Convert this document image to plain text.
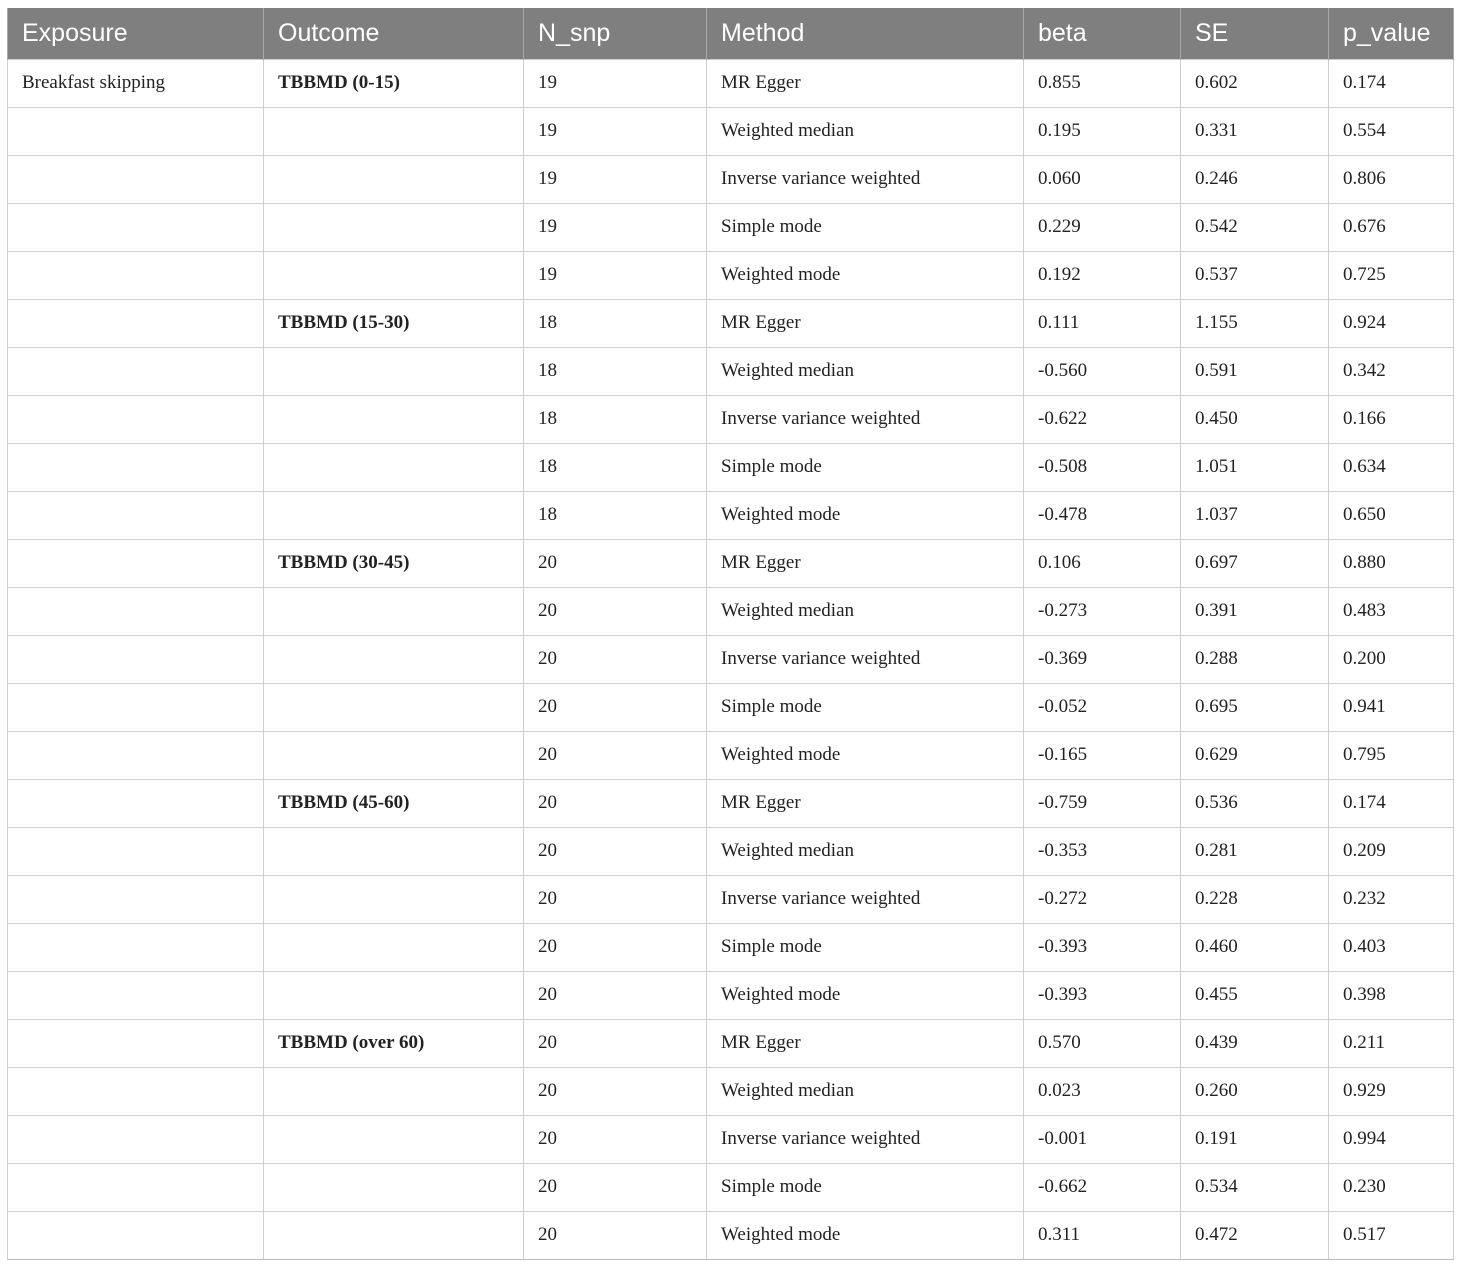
Exposure	Outcome	N_snp	Method	beta	SE	p_value
Breakfast skipping	TBBMD (0-15)	19	MR Egger	0.855	0.602	0.174
		19	Weighted median	0.195	0.331	0.554
		19	Inverse variance weighted	0.060	0.246	0.806
		19	Simple mode	0.229	0.542	0.676
		19	Weighted mode	0.192	0.537	0.725
	TBBMD (15-30)	18	MR Egger	0.111	1.155	0.924
		18	Weighted median	-0.560	0.591	0.342
		18	Inverse variance weighted	-0.622	0.450	0.166
		18	Simple mode	-0.508	1.051	0.634
		18	Weighted mode	-0.478	1.037	0.650
	TBBMD (30-45)	20	MR Egger	0.106	0.697	0.880
		20	Weighted median	-0.273	0.391	0.483
		20	Inverse variance weighted	-0.369	0.288	0.200
		20	Simple mode	-0.052	0.695	0.941
		20	Weighted mode	-0.165	0.629	0.795
	TBBMD (45-60)	20	MR Egger	-0.759	0.536	0.174
		20	Weighted median	-0.353	0.281	0.209
		20	Inverse variance weighted	-0.272	0.228	0.232
		20	Simple mode	-0.393	0.460	0.403
		20	Weighted mode	-0.393	0.455	0.398
	TBBMD (over 60)	20	MR Egger	0.570	0.439	0.211
		20	Weighted median	0.023	0.260	0.929
		20	Inverse variance weighted	-0.001	0.191	0.994
		20	Simple mode	-0.662	0.534	0.230
		20	Weighted mode	0.311	0.472	0.517
